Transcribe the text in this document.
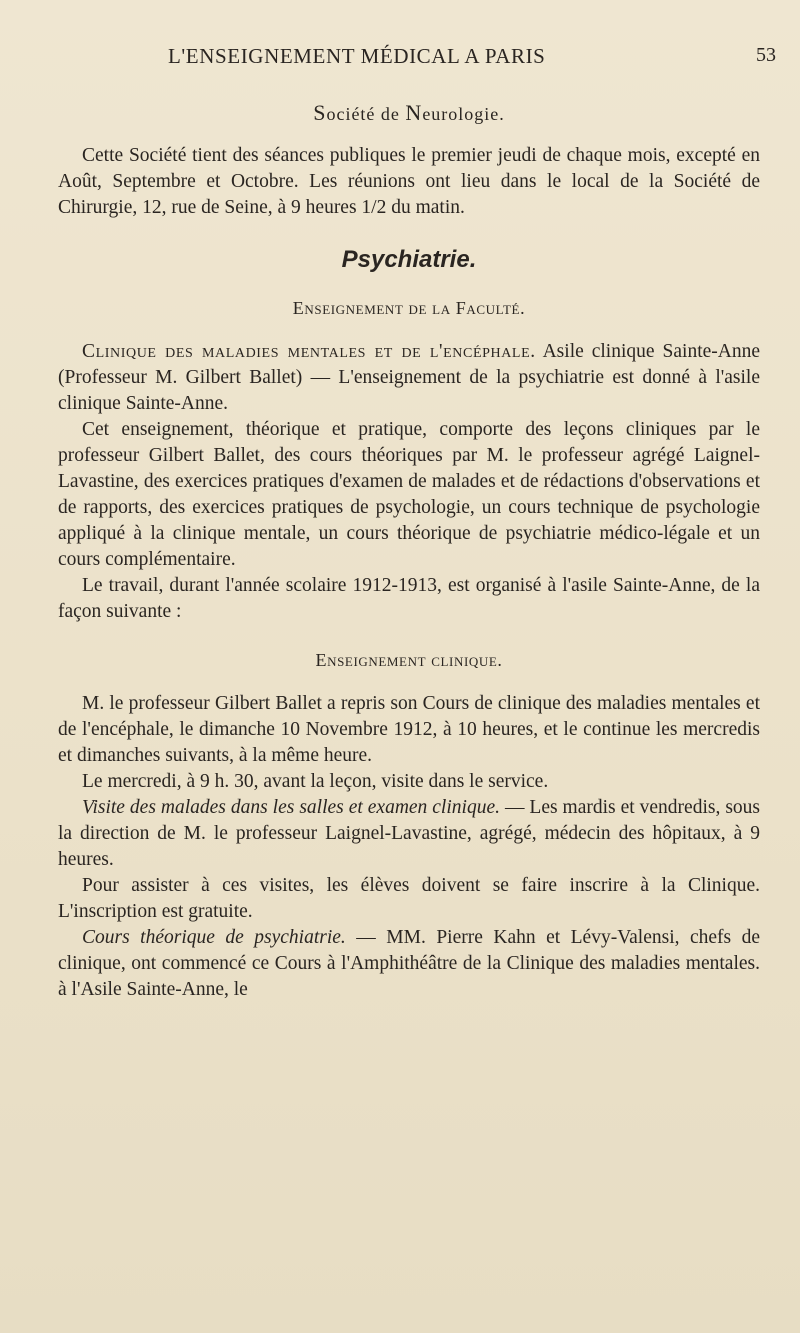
L'ENSEIGNEMENT MÉDICAL A PARIS	53
Société de Neurologie.

Cette Société tient des séances publiques le premier jeudi de chaque mois, excepté en Août, Septembre et Octobre. Les réunions ont lieu dans le local de la Société de Chirurgie, 12, rue de Seine, à 9 heures 1/2 du matin.

Psychiatrie.
Enseignement de la Faculté.

Clinique des maladies mentales et de l'encéphale. Asile clinique Sainte-Anne (Professeur M. Gilbert Ballet) — L'enseignement de la psychiatrie est donné à l'asile clinique Sainte-Anne.

Cet enseignement, théorique et pratique, comporte des leçons cliniques par le professeur Gilbert Ballet, des cours théoriques par M. le professeur agrégé Laignel-Lavastine, des exercices pratiques d'examen de malades et de rédactions d'observations et de rapports, des exercices pratiques de psychologie, un cours technique de psychologie appliqué à la clinique mentale, un cours théorique de psychiatrie médico-légale et un cours complémentaire.

Le travail, durant l'année scolaire 1912-1913, est organisé à l'asile Sainte-Anne, de la façon suivante :

Enseignement clinique.

M. le professeur Gilbert Ballet a repris son Cours de clinique des maladies mentales et de l'encéphale, le dimanche 10 Novembre 1912, à 10 heures, et le continue les mercredis et dimanches suivants, à la même heure.

Le mercredi, à 9 h. 30, avant la leçon, visite dans le service.

Visite des malades dans les salles et examen clinique. — Les mardis et vendredis, sous la direction de M. le professeur Laignel-Lavastine, agrégé, médecin des hôpitaux, à 9 heures.

Pour assister à ces visites, les élèves doivent se faire inscrire à la Clinique. L'inscription est gratuite.

Cours théorique de psychiatrie. — MM. Pierre Kahn et Lévy-Valensi, chefs de clinique, ont commencé ce Cours à l'Amphithéâtre de la Clinique des maladies mentales. à l'Asile Sainte-Anne, le
